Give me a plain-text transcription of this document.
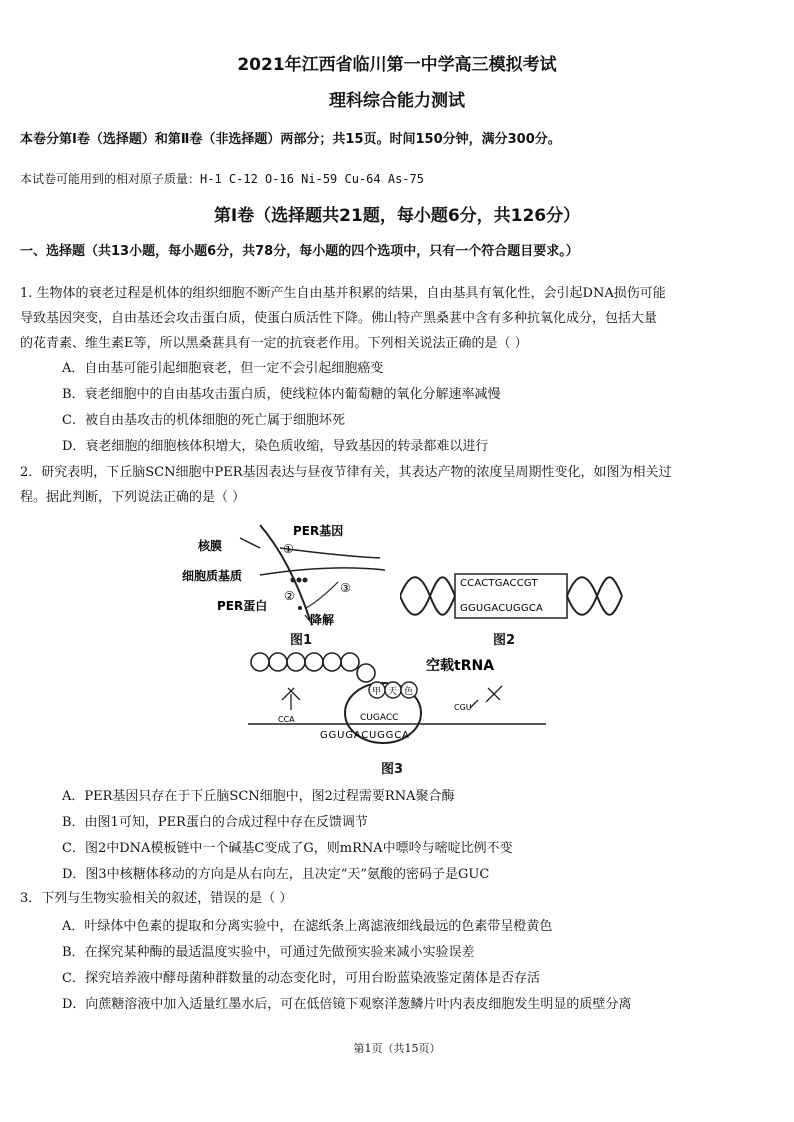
2021年江西省临川第一中学高三模拟考试
理科综合能力测试
本卷分第Ⅰ卷（选择题）和第Ⅱ卷（非选择题）两部分；共15页。时间150分钟，满分300分。
本试卷可能用到的相对原子质量：H-1 C-12 O-16 Ni-59 Cu-64 As-75
第Ⅰ卷（选择题共21题，每小题6分，共126分）
一、选择题（共13小题，每小题6分，共78分，每小题的四个选项中，只有一个符合题目要求。）
1. 生物体的衰老过程是机体的组织细胞不断产生自由基并积累的结果，自由基具有氧化性，会引起DNA损伤可能
导致基因突变，自由基还会攻击蛋白质，使蛋白质活性下降。佛山特产黑桑葚中含有多种抗氧化成分，包括大量
的花青素、维生素E等，所以黑桑葚具有一定的抗衰老作用。下列相关说法正确的是（ ）
A．自由基可能引起细胞衰老，但一定不会引起细胞癌变
B．衰老细胞中的自由基攻击蛋白质，使线粒体内葡萄糖的氧化分解速率减慢
C．被自由基攻击的机体细胞的死亡属于细胞坏死
D．衰老细胞的细胞核体积增大，染色质收缩，导致基因的转录都难以进行
2．研究表明，下丘脑SCN细胞中PER基因表达与昼夜节律有关，其表达产物的浓度呈周期性变化，如图为相关过
程。据此判断，下列说法正确的是（ ）
核膜
PER基因
①
细胞质基质
②
③
PER蛋白
降解
图1
CCACTGACCGT
GGUGACUGGCA
图2
甲 天 色
CCA
空载tRNA
CGU
CUGACC
GGUGACUGGCA
图3
A．PER基因只存在于下丘脑SCN细胞中，图2过程需要RNA聚合酶
B．由图1可知，PER蛋白的合成过程中存在反馈调节
C．图2中DNA模板链中一个碱基C变成了G，则mRNA中嘌呤与嘧啶比例不变
D．图3中核糖体移动的方向是从右向左，且决定“天”氨酸的密码子是GUC
3．下列与生物实验相关的叙述，错误的是（ ）
A．叶绿体中色素的提取和分离实验中，在滤纸条上离滤液细线最远的色素带呈橙黄色
B．在探究某种酶的最适温度实验中，可通过先做预实验来减小实验误差
C．探究培养液中酵母菌种群数量的动态变化时，可用台盼蓝染液鉴定菌体是否存活
D．向蔗糖溶液中加入适量红墨水后，可在低倍镜下观察洋葱鳞片叶内表皮细胞发生明显的质壁分离
第1页（共15页）
